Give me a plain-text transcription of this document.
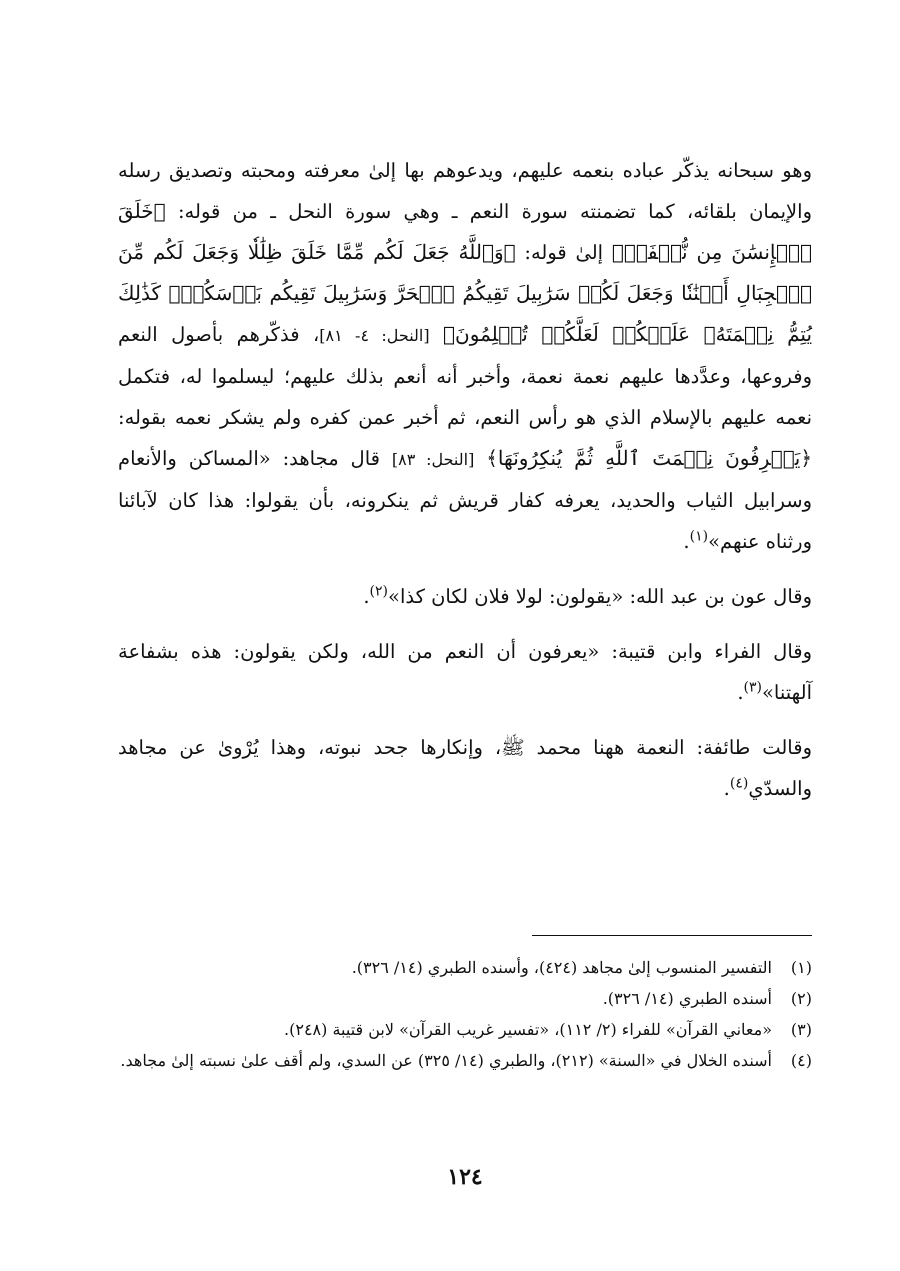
وهو سبحانه يذكّر عباده بنعمه عليهم، ويدعوهم بها إلىٰ معرفته ومحبته وتصديق رسله والإيمان بلقائه، كما تضمنته سورة النعم ـ وهي سورة النحل ـ من قوله: ﴿خَلَقَ ٱلۡإِنسَٰنَ مِن نُّطۡفَةٖ﴾ إلىٰ قوله: ﴿وَٱللَّهُ جَعَلَ لَكُم مِّمَّا خَلَقَ ظِلَٰلٗا وَجَعَلَ لَكُم مِّنَ ٱلۡجِبَالِ أَكۡنَٰنٗا وَجَعَلَ لَكُمۡ سَرَٰبِيلَ تَقِيكُمُ ٱلۡحَرَّ وَسَرَٰبِيلَ تَقِيكُم بَأۡسَكُمۡۚ كَذَٰلِكَ يُتِمُّ نِعۡمَتَهُۥ عَلَيۡكُمۡ لَعَلَّكُمۡ تُسۡلِمُونَ﴾ [النحل: ٤- ٨١]، فذكّرهم بأصول النعم وفروعها، وعدَّدها عليهم نعمة نعمة، وأخبر أنه أنعم بذلك عليهم؛ ليسلموا له، فتكمل نعمه عليهم بالإسلام الذي هو رأس النعم، ثم أخبر عمن كفره ولم يشكر نعمه بقوله: ﴿يَعۡرِفُونَ نِعۡمَتَ ٱللَّهِ ثُمَّ يُنكِرُونَهَا﴾ [النحل: ٨٣] قال مجاهد: «المساكن والأنعام وسرابيل الثياب والحديد، يعرفه كفار قريش ثم ينكرونه، بأن يقولوا: هذا كان لآبائنا ورثناه عنهم»$^{(١)}$.

وقال عون بن عبد الله: «يقولون: لولا فلان لكان كذا»$^{(٢)}$.

وقال الفراء وابن قتيبة: «يعرفون أن النعم من الله، ولكن يقولون: هذه بشفاعة آلهتنا»$^{(٣)}$.

وقالت طائفة: النعمة ههنا محمد ﷺ، وإنكارها جحد نبوته، وهذا يُرْوىٰ عن مجاهد والسدّي$^{(٤)}$.

(١)
التفسير المنسوب إلىٰ مجاهد (٤٢٤)، وأسنده الطبري (١٤/ ٣٢٦).
(٢)
أسنده الطبري (١٤/ ٣٢٦).
(٣)
«معاني القرآن» للفراء (٢/ ١١٢)، «تفسير غريب القرآن» لابن قتيبة (٢٤٨).
(٤)
أسنده الخلال في «السنة» (٢١٢)، والطبري (١٤/ ٣٢٥) عن السدي، ولم أقف علىٰ نسبته إلىٰ مجاهد.
١٢٤
